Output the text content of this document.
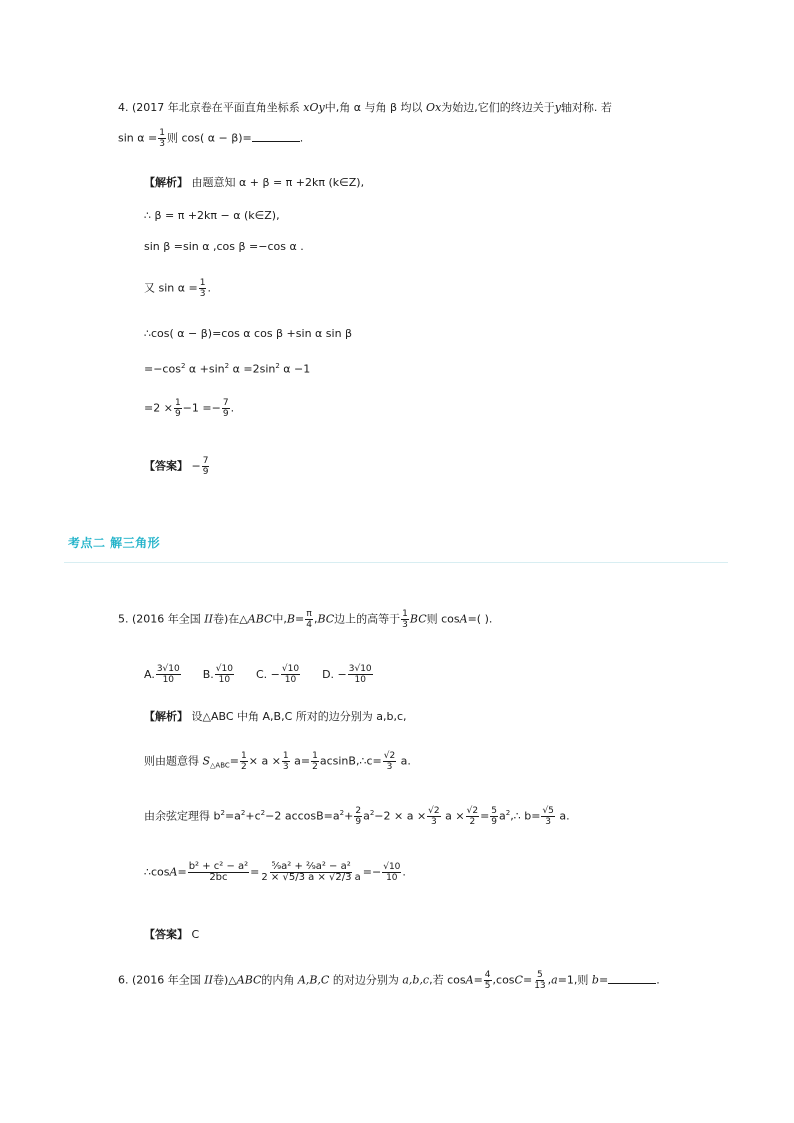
4. (2017 年北京卷在平面直角坐标系 xOy中,角 α 与角 β 均以 Ox为始边,它们的终边关于y轴对称. 若
$\sin \alpha = \frac{1}{3}$ 则 cos( α − β)=	.
【解析】 由题意知 α + β = π +2kπ (k∈Z),
∴ β = π +2kπ − α (k∈Z),
sin β =sin α ,cos β =−cos α .
又 $\sin \alpha = \frac{1}{3}$ .
∴cos( α − β)=cos α cos β +sin α sin β
$=-\cos^2$ $\alpha +\sin^2$ $\alpha =2\sin^2$ α −1
$=2 \times \frac{1}{9} -1 =- \frac{7}{9}$ .
【答案】 − $\frac{7}{9}$
考点二 解三角形
5. (2016 年全国 II卷)在△ABC中$,B= \frac{\pi}{4} ,BC$边上的高等于 $\frac{1}{3}$ BC则 cosA=( ).
A. $\frac{3√10}{10} B$. $\frac{√10}{10} C$. − $\frac{√10}{10} D$. − $\frac{3√10}{10}$
【解析】 设△ABC 中角 A,B,C 所对的边分别为 a,b,c,
则由题意得 $S_{\triangle ABC}= \frac{1}{2} \times a \times \frac{1}{3} a= \frac{1}{2}$ acsinB,∴c= $\frac{√2}{3} a$.
由余弦定理得 $b^2=a^2+c^2-2$ $accosB=a^2+ \frac{2}{9} a^2-2 \times a \times \frac{√2}{3}$ $a \times \frac{√2}{2} = \frac{5}{9}$ $a^2,\therefore$ $b= \frac{√5}{3} a$.
∴cosA= $\frac{\text{b² + c² − a²}}{2bc} = \frac{\text{⁵⁄₉a² + ²⁄₉a² − a²}}{2 \times √5/3 a \times √2/3 a} =- \frac{√10}{10}$ .
【答案】 C
6. (2016 年全国 II卷)△ABC的内角 A,B,C 的对边分别为 a,b,c,若 $\cos A= \frac{4}{5} ,\cos C= \frac{5}{13} ,a=1$,则 b=	.
